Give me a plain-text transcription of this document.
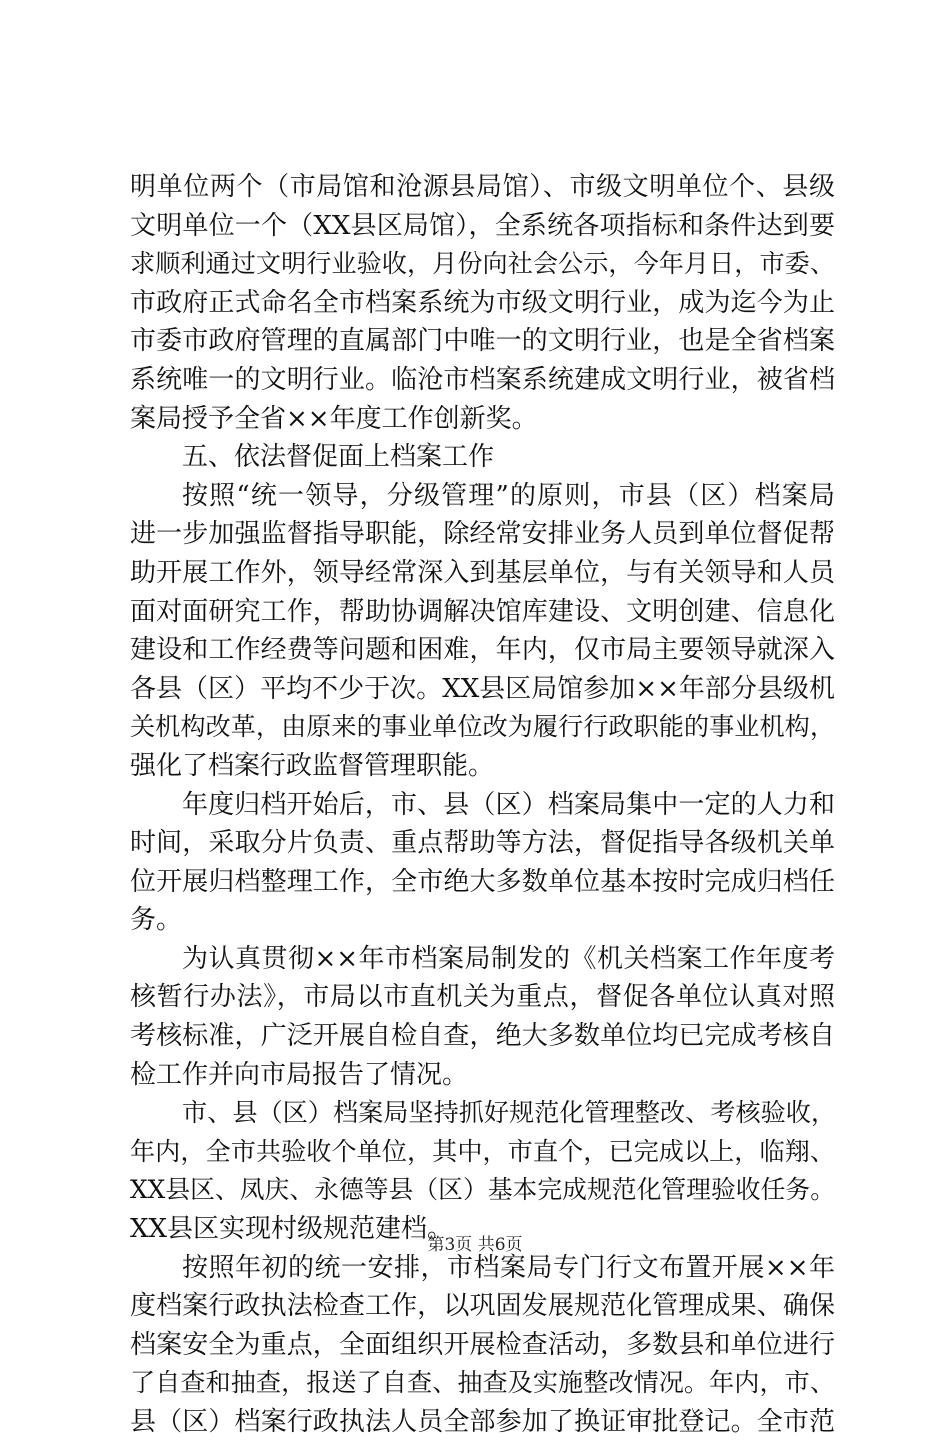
明单位两个（市局馆和沧源县局馆）、市级文明单位个、县级
文明单位一个（XX县区局馆），全系统各项指标和条件达到要
求顺利通过文明行业验收，月份向社会公示，今年月日，市委、
市政府正式命名全市档案系统为市级文明行业，成为迄今为止
市委市政府管理的直属部门中唯一的文明行业，也是全省档案
系统唯一的文明行业。临沧市档案系统建成文明行业，被省档
案局授予全省××年度工作创新奖。
五、依法督促面上档案工作
按照“统一领导，分级管理”的原则，市县（区）档案局
进一步加强监督指导职能，除经常安排业务人员到单位督促帮
助开展工作外，领导经常深入到基层单位，与有关领导和人员
面对面研究工作，帮助协调解决馆库建设、文明创建、信息化
建设和工作经费等问题和困难，年内，仅市局主要领导就深入
各县（区）平均不少于次。XX县区局馆参加××年部分县级机
关机构改革，由原来的事业单位改为履行行政职能的事业机构，
强化了档案行政监督管理职能。
年度归档开始后，市、县（区）档案局集中一定的人力和
时间，采取分片负责、重点帮助等方法，督促指导各级机关单
位开展归档整理工作，全市绝大多数单位基本按时完成归档任
务。
为认真贯彻××年市档案局制发的《机关档案工作年度考
核暂行办法》，市局以市直机关为重点，督促各单位认真对照
考核标准，广泛开展自检自查，绝大多数单位均已完成考核自
检工作并向市局报告了情况。
市、县（区）档案局坚持抓好规范化管理整改、考核验收，
年内，全市共验收个单位，其中，市直个，已完成以上，临翔、
XX县区、凤庆、永德等县（区）基本完成规范化管理验收任务。
XX县区实现村级规范建档。
按照年初的统一安排，市档案局专门行文布置开展××年
度档案行政执法检查工作，以巩固发展规范化管理成果、确保
档案安全为重点，全面组织开展检查活动，多数县和单位进行
了自查和抽查，报送了自查、抽查及实施整改情况。年内，市、
县（区）档案行政执法人员全部参加了换证审批登记。全市范
第3页 共6页
